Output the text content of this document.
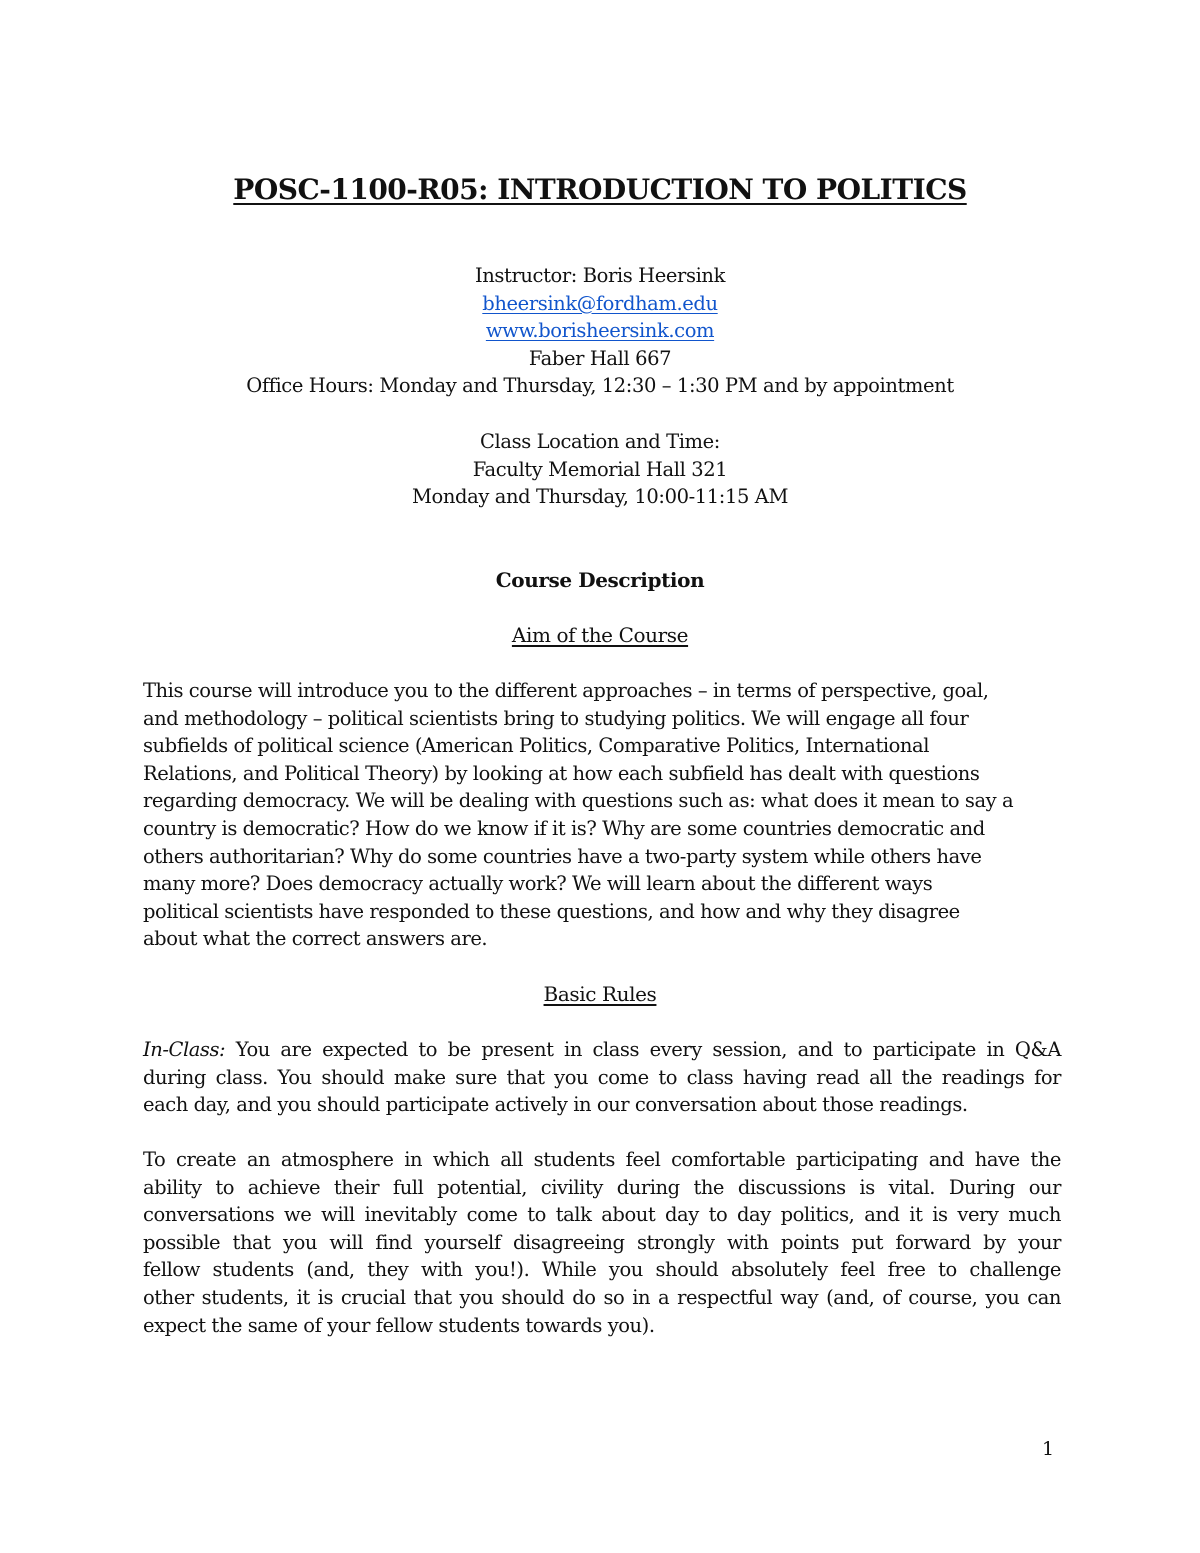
POSC-1100-R05: INTRODUCTION TO POLITICS
Instructor: Boris Heersink
bheersink@fordham.edu
www.borisheersink.com
Faber Hall 667
Office Hours: Monday and Thursday, 12:30 – 1:30 PM and by appointment
Class Location and Time:
Faculty Memorial Hall 321
Monday and Thursday, 10:00-11:15 AM
Course Description
Aim of the Course
This course will introduce you to the different approaches – in terms of perspective, goal,
and methodology – political scientists bring to studying politics. We will engage all four
subfields of political science (American Politics, Comparative Politics, International
Relations, and Political Theory) by looking at how each subfield has dealt with questions
regarding democracy. We will be dealing with questions such as: what does it mean to say a
country is democratic? How do we know if it is? Why are some countries democratic and
others authoritarian? Why do some countries have a two-party system while others have
many more? Does democracy actually work? We will learn about the different ways
political scientists have responded to these questions, and how and why they disagree
about what the correct answers are.
Basic Rules
In-Class: You are expected to be present in class every session, and to participate in Q&A
during class. You should make sure that you come to class having read all the readings for
each day, and you should participate actively in our conversation about those readings.
To create an atmosphere in which all students feel comfortable participating and have the
ability to achieve their full potential, civility during the discussions is vital. During our
conversations we will inevitably come to talk about day to day politics, and it is very much
possible that you will find yourself disagreeing strongly with points put forward by your
fellow students (and, they with you!). While you should absolutely feel free to challenge
other students, it is crucial that you should do so in a respectful way (and, of course, you can
expect the same of your fellow students towards you).
1
